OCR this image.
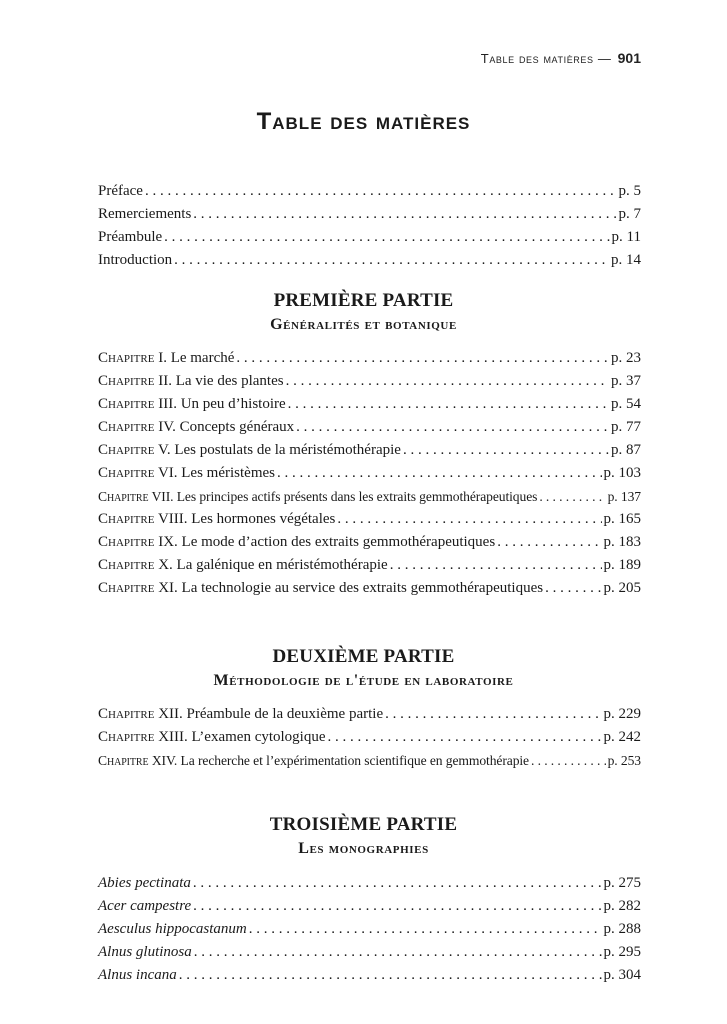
Table des matières — 901
Table des matières
Préface . . .	p. 5
Remerciements . . .	p. 7
Préambule . . .	p. 11
Introduction . . .	p. 14
PREMIÈRE PARTIE
Généralités et botanique
Chapitre I. Le marché . . .	p. 23
Chapitre II. La vie des plantes . . .	p. 37
Chapitre III. Un peu d’histoire . . .	p. 54
Chapitre IV. Concepts généraux . . .	p. 77
Chapitre V. Les postulats de la méristémothérapie . . .	p. 87
Chapitre VI. Les méristèmes . . .	p. 103
Chapitre VII. Les principes actifs présents dans les extraits gemmothérapeutiques . . .	p. 137
Chapitre VIII. Les hormones végétales . . .	p. 165
Chapitre IX. Le mode d’action des extraits gemmothérapeutiques . . .	p. 183
Chapitre X. La galénique en méristémothérapie . . .	p. 189
Chapitre XI. La technologie au service des extraits gemmothérapeutiques . . .	p. 205
DEUXIÈME PARTIE
Méthodologie de l'étude en laboratoire
Chapitre XII. Préambule de la deuxième partie . . .	p. 229
Chapitre XIII. L’examen cytologique . . .	p. 242
Chapitre XIV. La recherche et l’expérimentation scientifique en gemmothérapie . . .	p. 253
TROISIÈME PARTIE
Les monographies
Abies pectinata . . .	p. 275
Acer campestre . . .	p. 282
Aesculus hippocastanum . . .	p. 288
Alnus glutinosa . . .	p. 295
Alnus incana . . .	p. 304
